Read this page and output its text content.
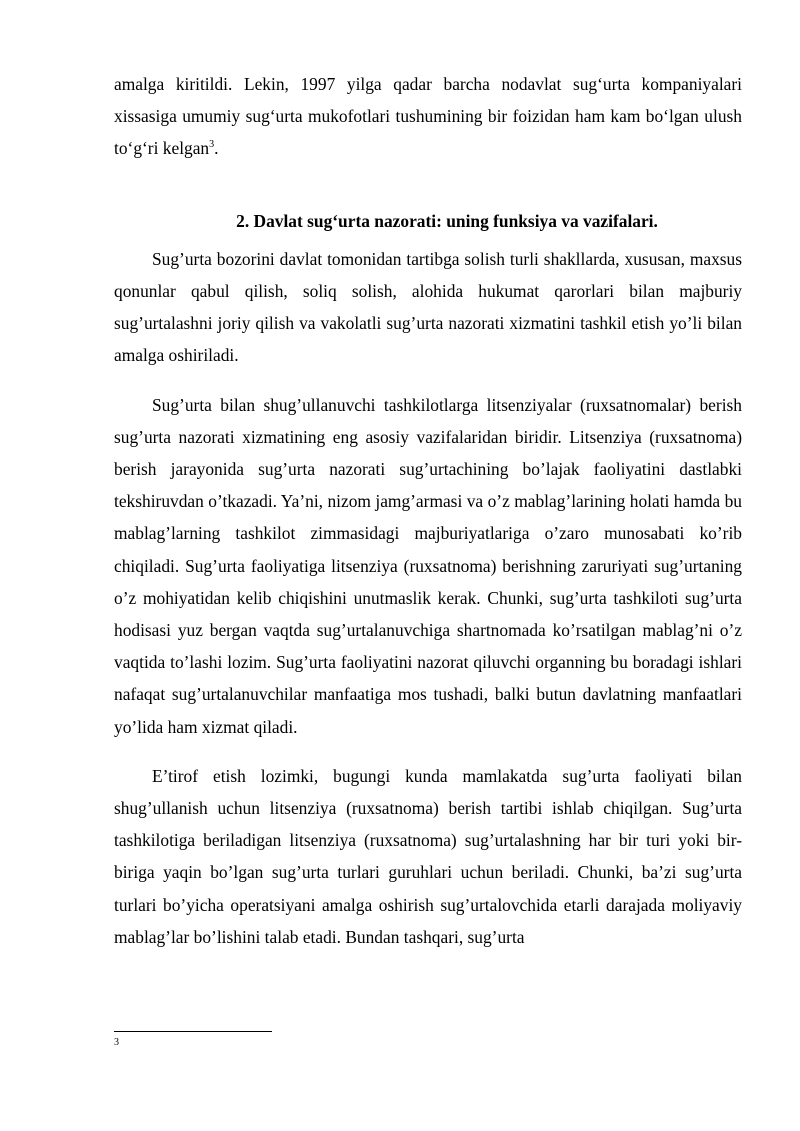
amalga kiritildi. Lekin, 1997 yilga qadar barcha nodavlat sug‘urta kompaniyalari xissasiga umumiy sug‘urta mukofotlari tushumining bir foizidan ham kam bo‘lgan ulush to‘g‘ri kelgan$^3$.

2. Davlat sug‘urta nazorati: uning funksiya va vazifalari.

Sug’urta bozorini davlat tomonidan tartibga solish turli shakllarda, xususan, maxsus qonunlar qabul qilish, soliq solish, alohida hukumat qarorlari bilan majburiy sug’urtalashni joriy qilish va vakolatli sug’urta nazorati xizmatini tashkil etish yo’li bilan amalga oshiriladi.

Sug’urta bilan shug’ullanuvchi tashkilotlarga litsenziyalar (ruxsatnomalar) berish sug’urta nazorati xizmatining eng asosiy vazifalaridan biridir. Litsenziya (ruxsatnoma) berish jarayonida sug’urta nazorati sug’urtachining bo’lajak faoliyatini dastlabki tekshiruvdan o’tkazadi. Ya’ni, nizom jamg’armasi va o’z mablag’larining holati hamda bu mablag’larning tashkilot zimmasidagi majburiyatlariga o’zaro munosabati ko’rib chiqiladi. Sug’urta faoliyatiga litsenziya (ruxsatnoma) berishning zaruriyati sug’urtaning o’z mohiyatidan kelib chiqishini unutmaslik kerak. Chunki, sug’urta tashkiloti sug’urta hodisasi yuz bergan vaqtda sug’urtalanuvchiga shartnomada ko’rsatilgan mablag’ni o’z vaqtida to’lashi lozim. Sug’urta faoliyatini nazorat qiluvchi organning bu boradagi ishlari nafaqat sug’urtalanuvchilar manfaatiga mos tushadi, balki butun davlatning manfaatlari yo’lida ham xizmat qiladi.

E’tirof etish lozimki, bugungi kunda mamlakatda sug’urta faoliyati bilan shug’ullanish uchun litsenziya (ruxsatnoma) berish tartibi ishlab chiqilgan. Sug’urta tashkilotiga beriladigan litsenziya (ruxsatnoma) sug’urtalashning har bir turi yoki bir-biriga yaqin bo’lgan sug’urta turlari guruhlari uchun beriladi. Chunki, ba’zi sug’urta turlari bo’yicha operatsiyani amalga oshirish sug’urtalovchida etarli darajada moliyaviy mablag’lar bo’lishini talab etadi. Bundan tashqari, sug’urta

3
